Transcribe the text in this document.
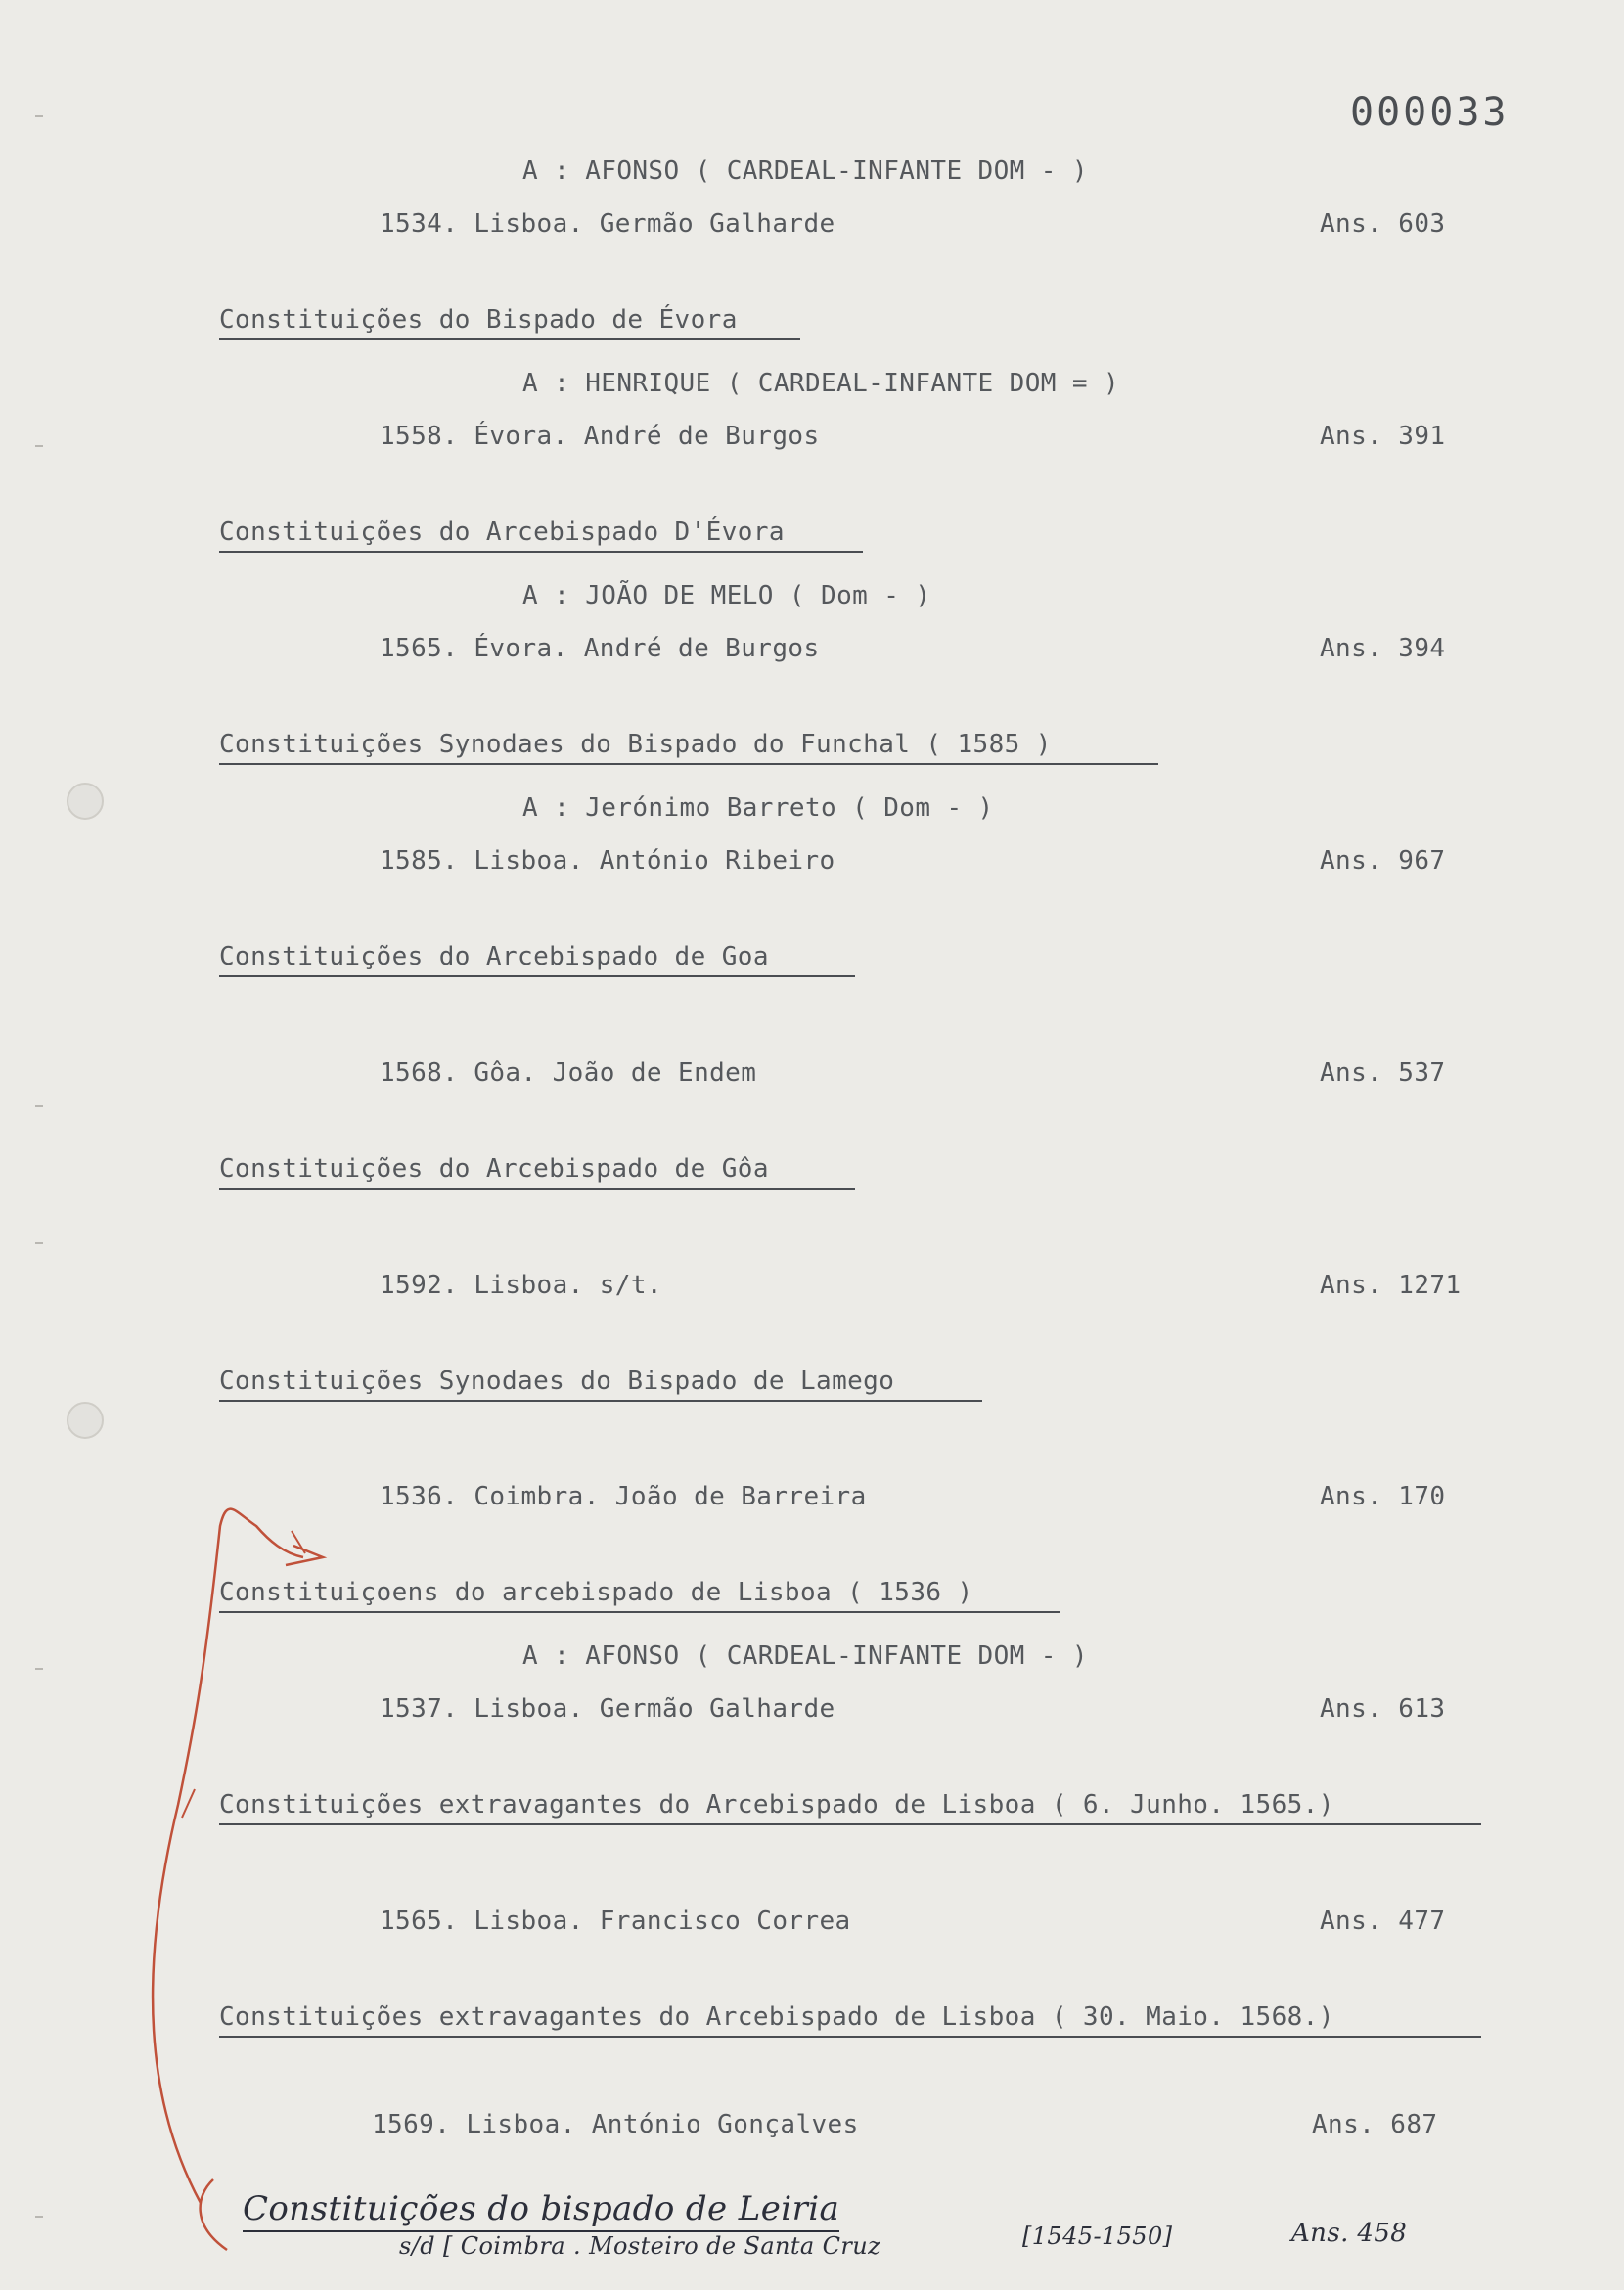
000033
A : AFONSO ( CARDEAL-INFANTE DOM - )
1534. Lisboa. Germão Galharde	Ans. 603
Constituições do Bispado de Évora
A : HENRIQUE ( CARDEAL-INFANTE DOM = )
1558. Évora. André de Burgos	Ans. 391
Constituições do Arcebispado D'Évora
A : JOÃO DE MELO ( Dom - )
1565. Évora. André de Burgos	Ans. 394
Constituições Synodaes do Bispado do Funchal ( 1585 )
A : Jerónimo Barreto ( Dom - )
1585. Lisboa. António Ribeiro	Ans. 967
Constituições do Arcebispado de Goa
1568. Gôa. João de Endem	Ans. 537
Constituições do Arcebispado de Gôa
1592. Lisboa. s/t.	Ans. 1271
Constituições Synodaes do Bispado de Lamego
1536. Coimbra. João de Barreira	Ans. 170
Constituiçoens do arcebispado de Lisboa ( 1536 )
A : AFONSO ( CARDEAL-INFANTE DOM - )
1537. Lisboa. Germão Galharde	Ans. 613
Constituições extravagantes do Arcebispado de Lisboa ( 6. Junho. 1565.)
1565. Lisboa. Francisco Correa	Ans. 477
Constituições extravagantes do Arcebispado de Lisboa ( 30. Maio. 1568.)
1569. Lisboa. António Gonçalves	Ans. 687
Constituições do bispado de Leiria
s/d [ Coimbra . Mosteiro de Santa Cruz	[1545-1550]	Ans. 458
